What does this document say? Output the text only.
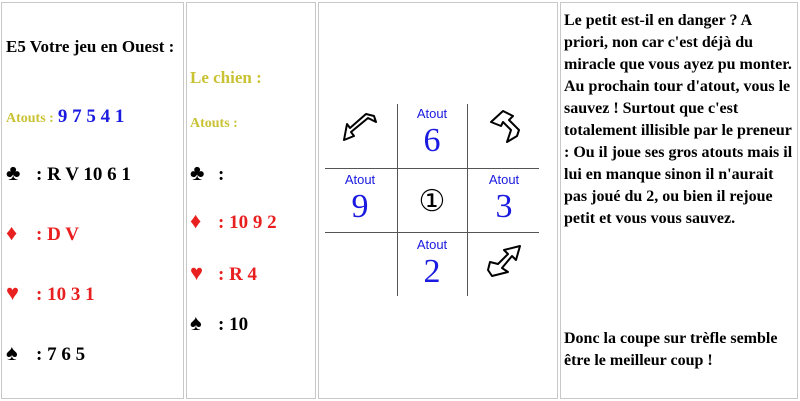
E5 Votre jeu en Ouest :
Atouts : 9 7 5 4 1
♣ : R V 10 6 1
♦ : D V
♥ : 10 3 1
♠ : 7 6 5
Le chien :
Atouts :
♣ :
♦ : 10 9 2
♥ : R 4
♠ : 10
Atout
6
Atout
9
Atout
3
Atout
2
①
Le petit est-il en danger ? A priori, non car c'est déjà du miracle que vous ayez pu monter. Au prochain tour d'atout, vous le sauvez ! Surtout que c'est totalement illisible par le preneur : Ou il joue ses gros atouts mais il lui en manque sinon il n'aurait pas joué du 2, ou bien il rejoue petit et vous vous sauvez.
Donc la coupe sur trèfle semble être le meilleur coup !
